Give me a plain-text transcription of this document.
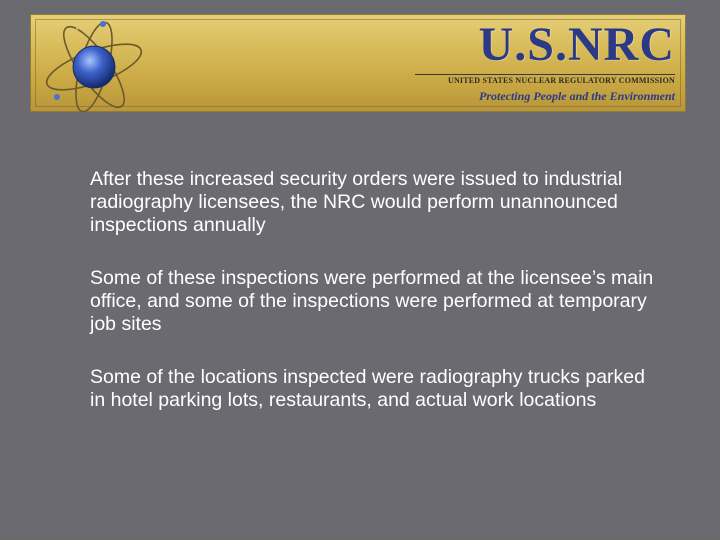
U.S.NRC
UNITED STATES NUCLEAR REGULATORY COMMISSION
Protecting People and the Environment

After these increased security orders were issued to industrial radiography licensees, the NRC would perform unannounced inspections annually

Some of these inspections were performed at the licensee’s main office, and some of the inspections were performed at temporary job sites

Some of the locations inspected were radiography trucks parked in hotel parking lots, restaurants, and actual work locations
